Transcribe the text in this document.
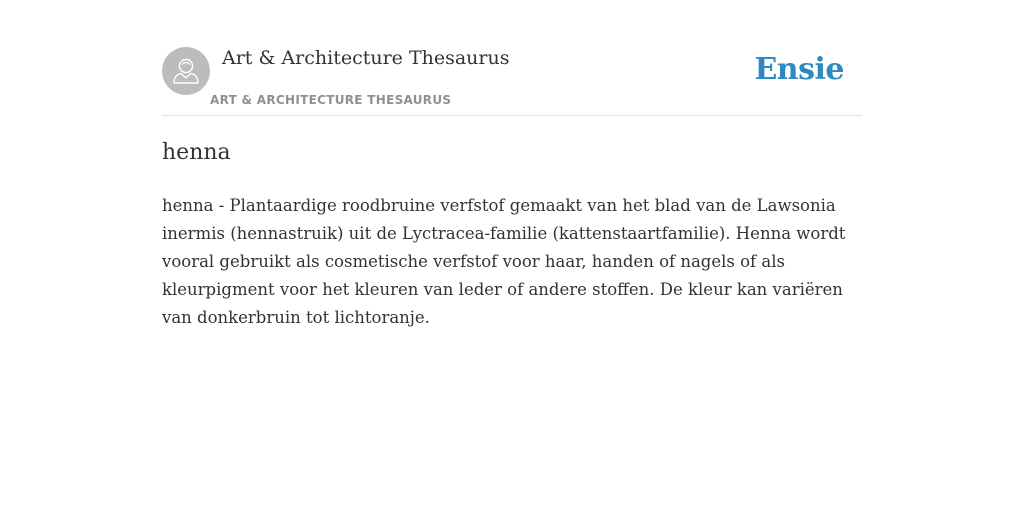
Art & Architecture Thesaurus
ART & ARCHITECTURE THESAURUS
Ensie
henna

henna - Plantaardige roodbruine verfstof gemaakt van het blad van de Lawsonia inermis (hennastruik) uit de Lyctracea-familie (kattenstaartfamilie). Henna wordt vooral gebruikt als cosmetische verfstof voor haar, handen of nagels of als kleurpigment voor het kleuren van leder of andere stoffen. De kleur kan variëren van donkerbruin tot lichtoranje.
